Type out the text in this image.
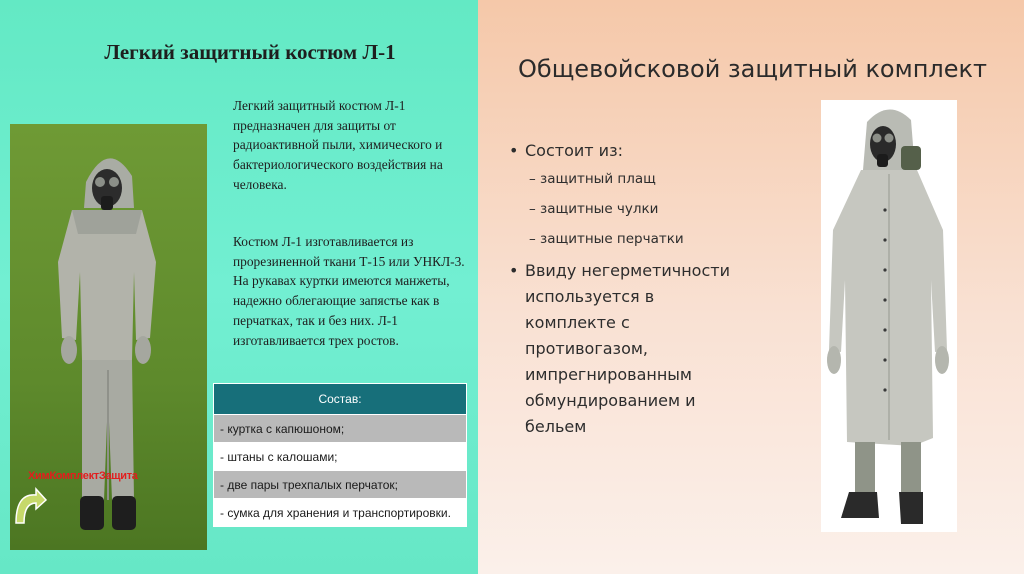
Легкий защитный костюм Л-1
ХимКомплектЗащита
Легкий защитный костюм Л-1
предназначен для защиты от
радиоактивной пыли, химического и
бактериологического воздействия на
человека.
Костюм Л-1 изготавливается из
прорезиненной ткани Т-15 или УНКЛ-3.
На рукавах куртки имеются манжеты,
надежно облегающие запястье как в
перчатках, так и без них. Л-1
изготавливается трех ростов.
Состав:
- куртка с капюшоном;
- штаны с калошами;
- две пары трехпалых перчаток;
- сумка для хранения и транспортировки.
Общевойсковой защитный комплект
• Состоит из:
– защитный плащ
– защитные чулки
– защитные перчатки
• Ввиду негерметичности
используется в
комплекте с
противогазом,
импрегнированным
обмундированием и
бельем
